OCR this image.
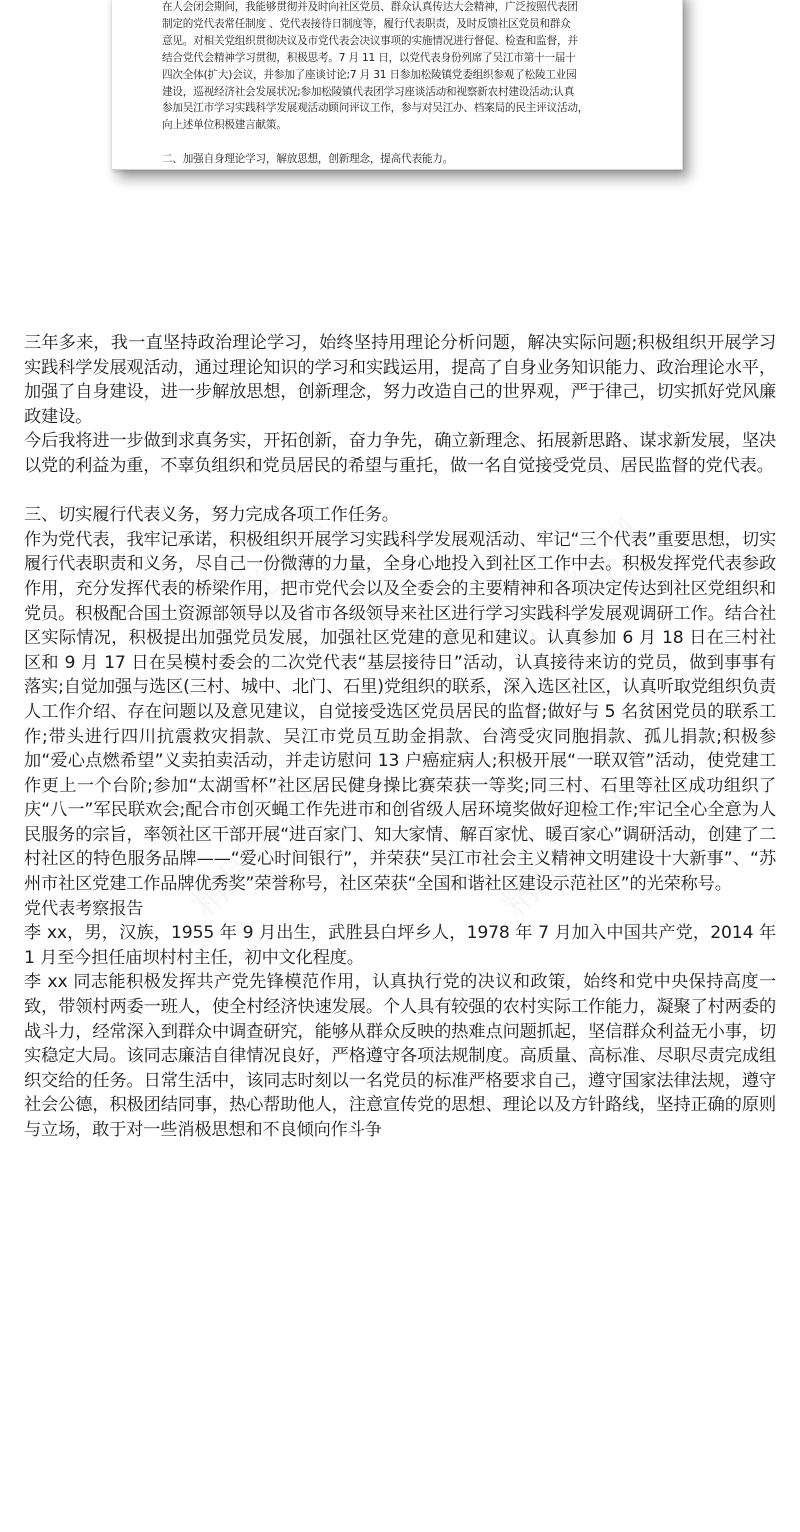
在人会闭会期间，我能够贯彻并及时向社区党员、群众认真传达大会精神，广泛按照代表团

制定的党代表常任制度 、党代表接待日制度等，履行代表职责，及时反馈社区党员和群众

意见。对相关党组织贯彻决议及市党代表会决议事项的实施情况进行督促、检查和监督，并

结合党代会精神学习贯彻，积极思考。7 月 11 日，以党代表身份列席了吴江市第十一届十

四次全体(扩大)会议，并参加了座谈讨论;7 月 31 日参加松陵镇党委组织参观了松陵工业园

建设，巡视经济社会发展状况;参加松陵镇代表团学习座谈活动和视察新农村建设活动;认真

参加吴江市学习实践科学发展观活动顾问评议工作，参与对吴江办、档案局的民主评议活动，

向上述单位积极建言献策。

二、加强自身理论学习，解放思想，创新理念，提高代表能力。

三年多来，我一直坚持政治理论学习，始终坚持用理论分析问题，解决实际问题;积极组织开展学习实践科学发展观活动，通过理论知识的学习和实践运用，提高了自身业务知识能力、政治理论水平，加强了自身建设，进一步解放思想，创新理念，努力改造自己的世界观，严于律己，切实抓好党风廉政建设。

今后我将进一步做到求真务实，开拓创新，奋力争先，确立新理念、拓展新思路、谋求新发展，坚决以党的利益为重，不辜负组织和党员居民的希望与重托，做一名自觉接受党员、居民监督的党代表。

三、切实履行代表义务，努力完成各项工作任务。

作为党代表，我牢记承诺，积极组织开展学习实践科学发展观活动、牢记“三个代表”重要思想，切实履行代表职责和义务，尽自己一份微薄的力量，全身心地投入到社区工作中去。积极发挥党代表参政作用，充分发挥代表的桥梁作用，把市党代会以及全委会的主要精神和各项决定传达到社区党组织和党员。积极配合国土资源部领导以及省市各级领导来社区进行学习实践科学发展观调研工作。结合社区实际情况，积极提出加强党员发展，加强社区党建的意见和建议。认真参加 6 月 18 日在三村社区和 9 月 17 日在吴模村委会的二次党代表“基层接待日”活动，认真接待来访的党员，做到事事有落实;自觉加强与选区(三村、城中、北门、石里)党组织的联系，深入选区社区，认真听取党组织负责人工作介绍、存在问题以及意见建议，自觉接受选区党员居民的监督;做好与 5 名贫困党员的联系工作;带头进行四川抗震救灾捐款、吴江市党员互助金捐款、台湾受灾同胞捐款、孤儿捐款;积极参加“爱心点燃希望”义卖拍卖活动，并走访慰问 13 户癌症病人;积极开展“一联双管”活动，使党建工作更上一个台阶;参加“太湖雪杯”社区居民健身操比赛荣获一等奖;同三村、石里等社区成功组织了庆“八一”军民联欢会;配合市创灭蝇工作先进市和创省级人居环境奖做好迎检工作;牢记全心全意为人民服务的宗旨，率领社区干部开展“进百家门、知大家情、解百家忧、暖百家心”调研活动，创建了二村社区的特色服务品牌——“爱心时间银行”，并荣获“吴江市社会主义精神文明建设十大新事”、“苏州市社区党建工作品牌优秀奖”荣誉称号，社区荣获“全国和谐社区建设示范社区”的光荣称号。

党代表考察报告

李 xx，男，汉族，1955 年 9 月出生，武胜县白坪乡人，1978 年 7 月加入中国共产党，2014 年 1 月至今担任庙坝村村主任，初中文化程度。

李 xx 同志能积极发挥共产党先锋模范作用，认真执行党的决议和政策，始终和党中央保持高度一致，带领村两委一班人，使全村经济快速发展。个人具有较强的农村实际工作能力，凝聚了村两委的战斗力，经常深入到群众中调查研究，能够从群众反映的热难点问题抓起，坚信群众利益无小事，切实稳定大局。该同志廉洁自律情况良好，严格遵守各项法规制度。高质量、高标准、尽职尽责完成组织交给的任务。日常生活中，该同志时刻以一名党员的标准严格要求自己，遵守国家法律法规，遵守社会公德，积极团结同事，热心帮助他人，注意宣传党的思想、理论以及方针路线，坚持正确的原则与立场，敢于对一些消极思想和不良倾向作斗争
